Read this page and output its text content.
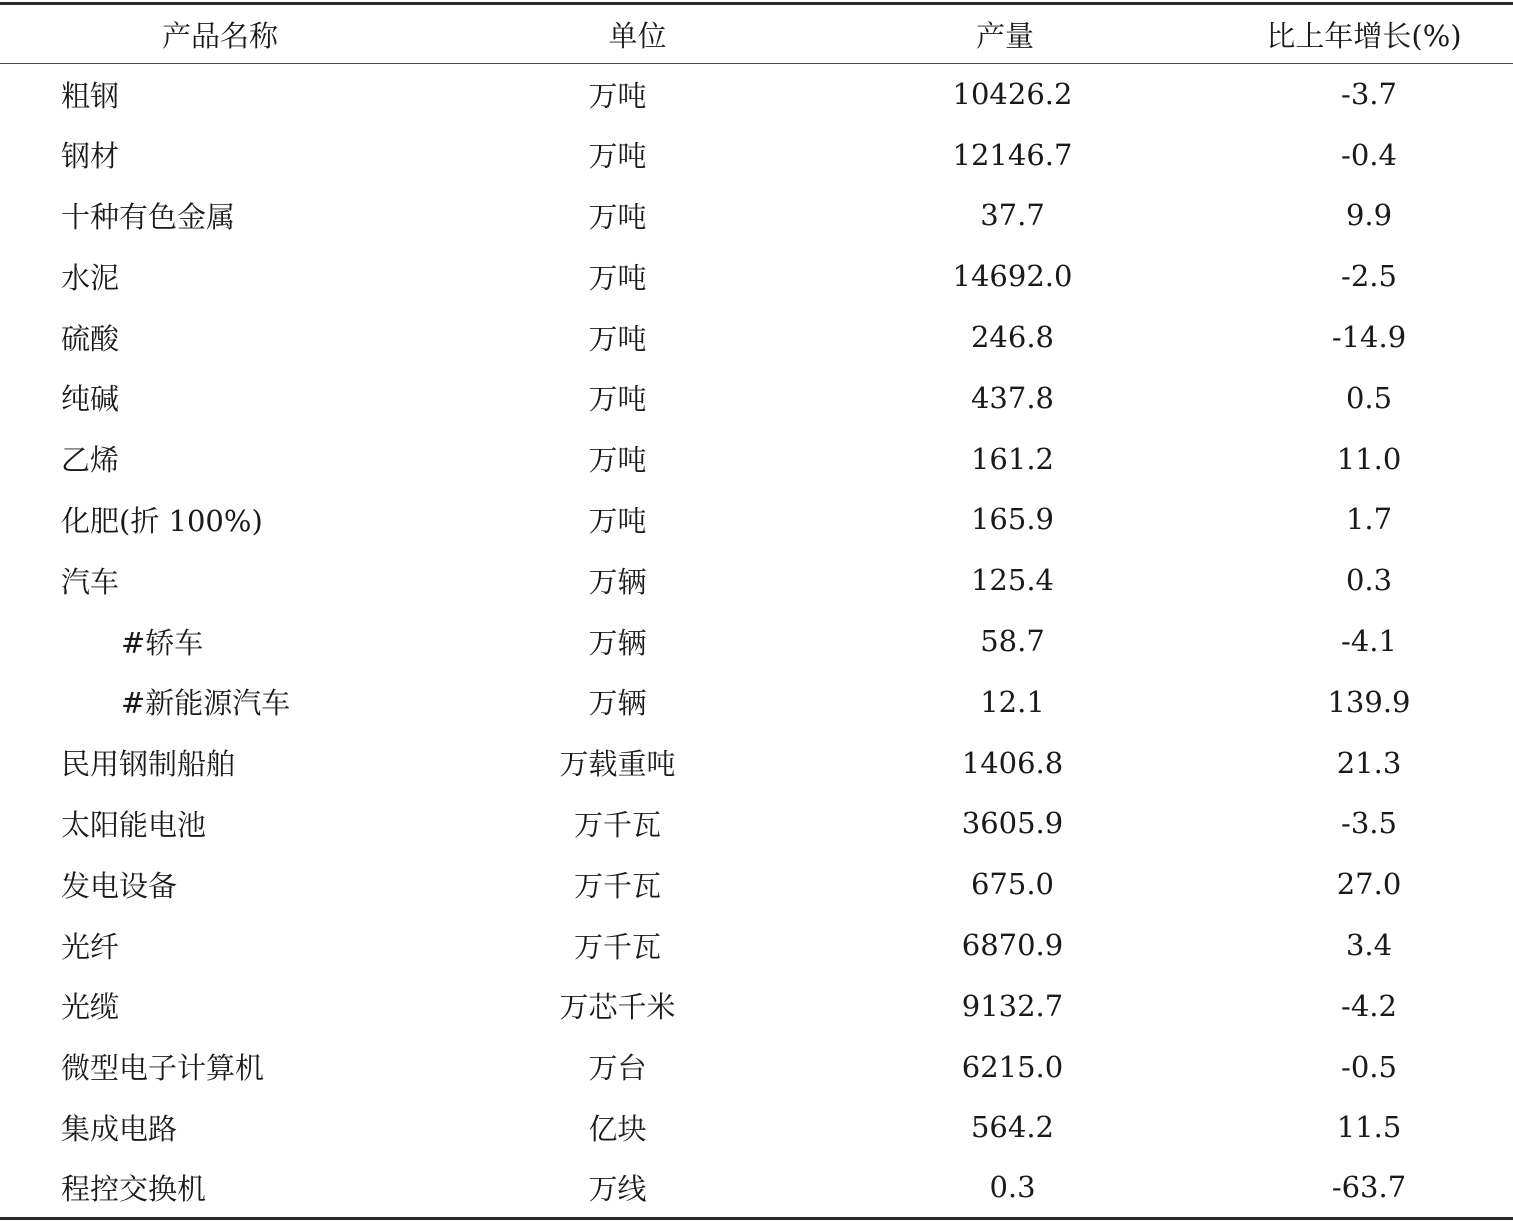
产品名称	单位	产量	比上年增长(%)
粗钢	万吨	10426.2	-3.7
钢材	万吨	12146.7	-0.4
十种有色金属	万吨	37.7	9.9
水泥	万吨	14692.0	-2.5
硫酸	万吨	246.8	-14.9
纯碱	万吨	437.8	0.5
乙烯	万吨	161.2	11.0
化肥(折 100%)	万吨	165.9	1.7
汽车	万辆	125.4	0.3
#轿车	万辆	58.7	-4.1
#新能源汽车	万辆	12.1	139.9
民用钢制船舶	万载重吨	1406.8	21.3
太阳能电池	万千瓦	3605.9	-3.5
发电设备	万千瓦	675.0	27.0
光纤	万千瓦	6870.9	3.4
光缆	万芯千米	9132.7	-4.2
微型电子计算机	万台	6215.0	-0.5
集成电路	亿块	564.2	11.5
程控交换机	万线	0.3	-63.7
